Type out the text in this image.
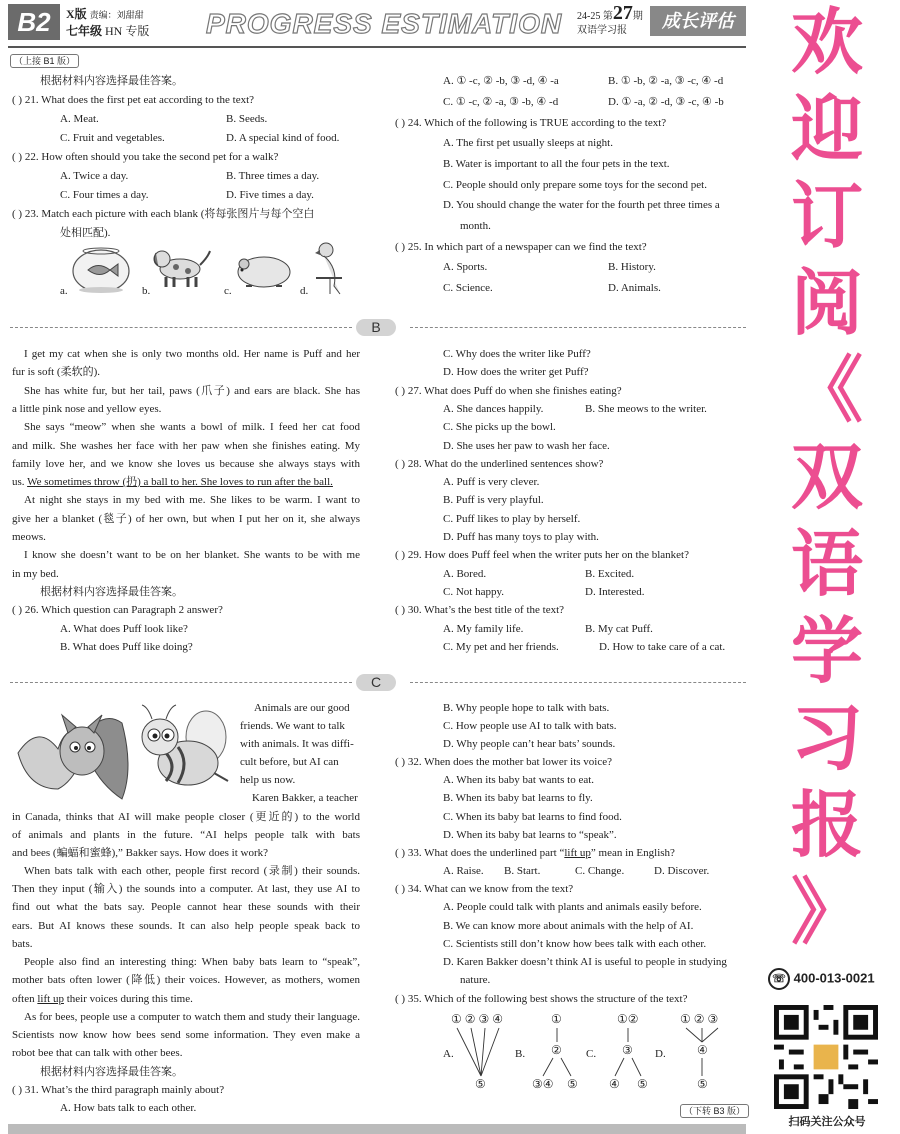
B2	X版 责编：刘甜甜
七年级 HN 专版 PROGRESS ESTIMATION 24-25 第27期
双语学习报	成长评估
（上接 B1 版）
根据材料内容选择最佳答案。
( ) 21. What does the first pet eat according to the text?
A. Meat.	B. Seeds.
C. Fruit and vegetables.	D. A special kind of food.
( ) 22. How often should you take the second pet for a walk?
A. Twice a day.	B. Three times a day.
C. Four times a day.	D. Five times a day.
( ) 23. Match each picture with each blank (将每张图片与每个空白
处相匹配).
a.	b.	c.	d.
A. ① -c, ② -b, ③ -d, ④ -a	B. ① -b, ② -a, ③ -c, ④ -d
C. ① -c, ② -a, ③ -b, ④ -d	D. ① -a, ② -d, ③ -c, ④ -b
( ) 24. Which of the following is TRUE according to the text?
A. The first pet usually sleeps at night.
B. Water is important to all the four pets in the text.
C. People should only prepare some toys for the second pet.
D. You should change the water for the fourth pet three times a
month.
( ) 25. In which part of a newspaper can we find the text?
A. Sports.	B. History.
C. Science.	D. Animals.
B
I get my cat when she is only two months old. Her name is Puff and her
fur is soft (柔软的).
She has white fur, but her tail, paws (爪子) and ears are black. She has
a little pink nose and yellow eyes.
She says “meow” when she wants a bowl of milk. I feed her cat food
and milk. She washes her face with her paw when she finishes eating. My
family love her, and we know she loves us because she always stays with
us. We sometimes throw (扔) a ball to her. She loves to run after the ball.
At night she stays in my bed with me. She likes to be warm. I want to
give her a blanket (毯子) of her own, but when I put her on it, she always
meows.
I know she doesn’t want to be on her blanket. She wants to be with me
in my bed.
根据材料内容选择最佳答案。
( ) 26. Which question can Paragraph 2 answer?
A. What does Puff look like?
B. What does Puff like doing?
C. Why does the writer like Puff?
D. How does the writer get Puff?
( ) 27. What does Puff do when she finishes eating?
A. She dances happily.	B. She meows to the writer.
C. She picks up the bowl.
D. She uses her paw to wash her face.
( ) 28. What do the underlined sentences show?
A. Puff is very clever.
B. Puff is very playful.
C. Puff likes to play by herself.
D. Puff has many toys to play with.
( ) 29. How does Puff feel when the writer puts her on the blanket?
A. Bored.	B. Excited.
C. Not happy.	D. Interested.
( ) 30. What’s the best title of the text?
A. My family life.	B. My cat Puff.
C. My pet and her friends.	D. How to take care of a cat.
C
Animals are our good
friends. We want to talk
with animals. It was diffi-
cult before, but AI can
help us now.
Karen Bakker, a teacher
in Canada, thinks that AI will make people closer (更近的) to the world
of animals and plants in the future. “AI helps people talk with bats
and bees (蝙蝠和蜜蜂),” Bakker says. How does it work?
When bats talk with each other, people first record (录制) their sounds.
Then they input (输入) the sounds into a computer. At last, they use AI to
find out what the bats say. People cannot hear these sounds with their
ears. But AI knows these sounds. It can also help people speak back to
bats.
People also find an interesting thing: When baby bats learn to “speak”,
mother bats often lower (降低) their voices. However, as mothers, women
often lift up their voices during this time.
As for bees, people use a computer to watch them and study their language.
Scientists now know how bees send some information. They even make a
robot bee that can talk with other bees.
根据材料内容选择最佳答案。
( ) 31. What’s the third paragraph mainly about?
A. How bats talk to each other.
B. Why people hope to talk with bats.
C. How people use AI to talk with bats.
D. Why people can’t hear bats’ sounds.
( ) 32. When does the mother bat lower its voice?
A. When its baby bat wants to eat.
B. When its baby bat learns to fly.
C. When its baby bat learns to find food.
D. When its baby bat learns to “speak”.
( ) 33. What does the underlined part “lift up” mean in English?
A. Raise. B. Start.	C. Change.	D. Discover.
( ) 34. What can we know from the text?
A. People could talk with plants and animals easily before.
B. We can know more about animals with the help of AI.
C. Scientists still don’t know how bees talk with each other.
D. Karen Bakker doesn’t think AI is useful to people in studying
nature.
( ) 35. Which of the following best shows the structure of the text?
A.	B.	C.	D.
① ② ③ ④
⑤
①
②
③④ ⑤
①②
③
④ ⑤
① ② ③
④
⑤
（下转 B3 版）
欢
迎
订
阅
《
双
语
学
习
报
》
☏ 400-013-0021
扫码关注公众号
